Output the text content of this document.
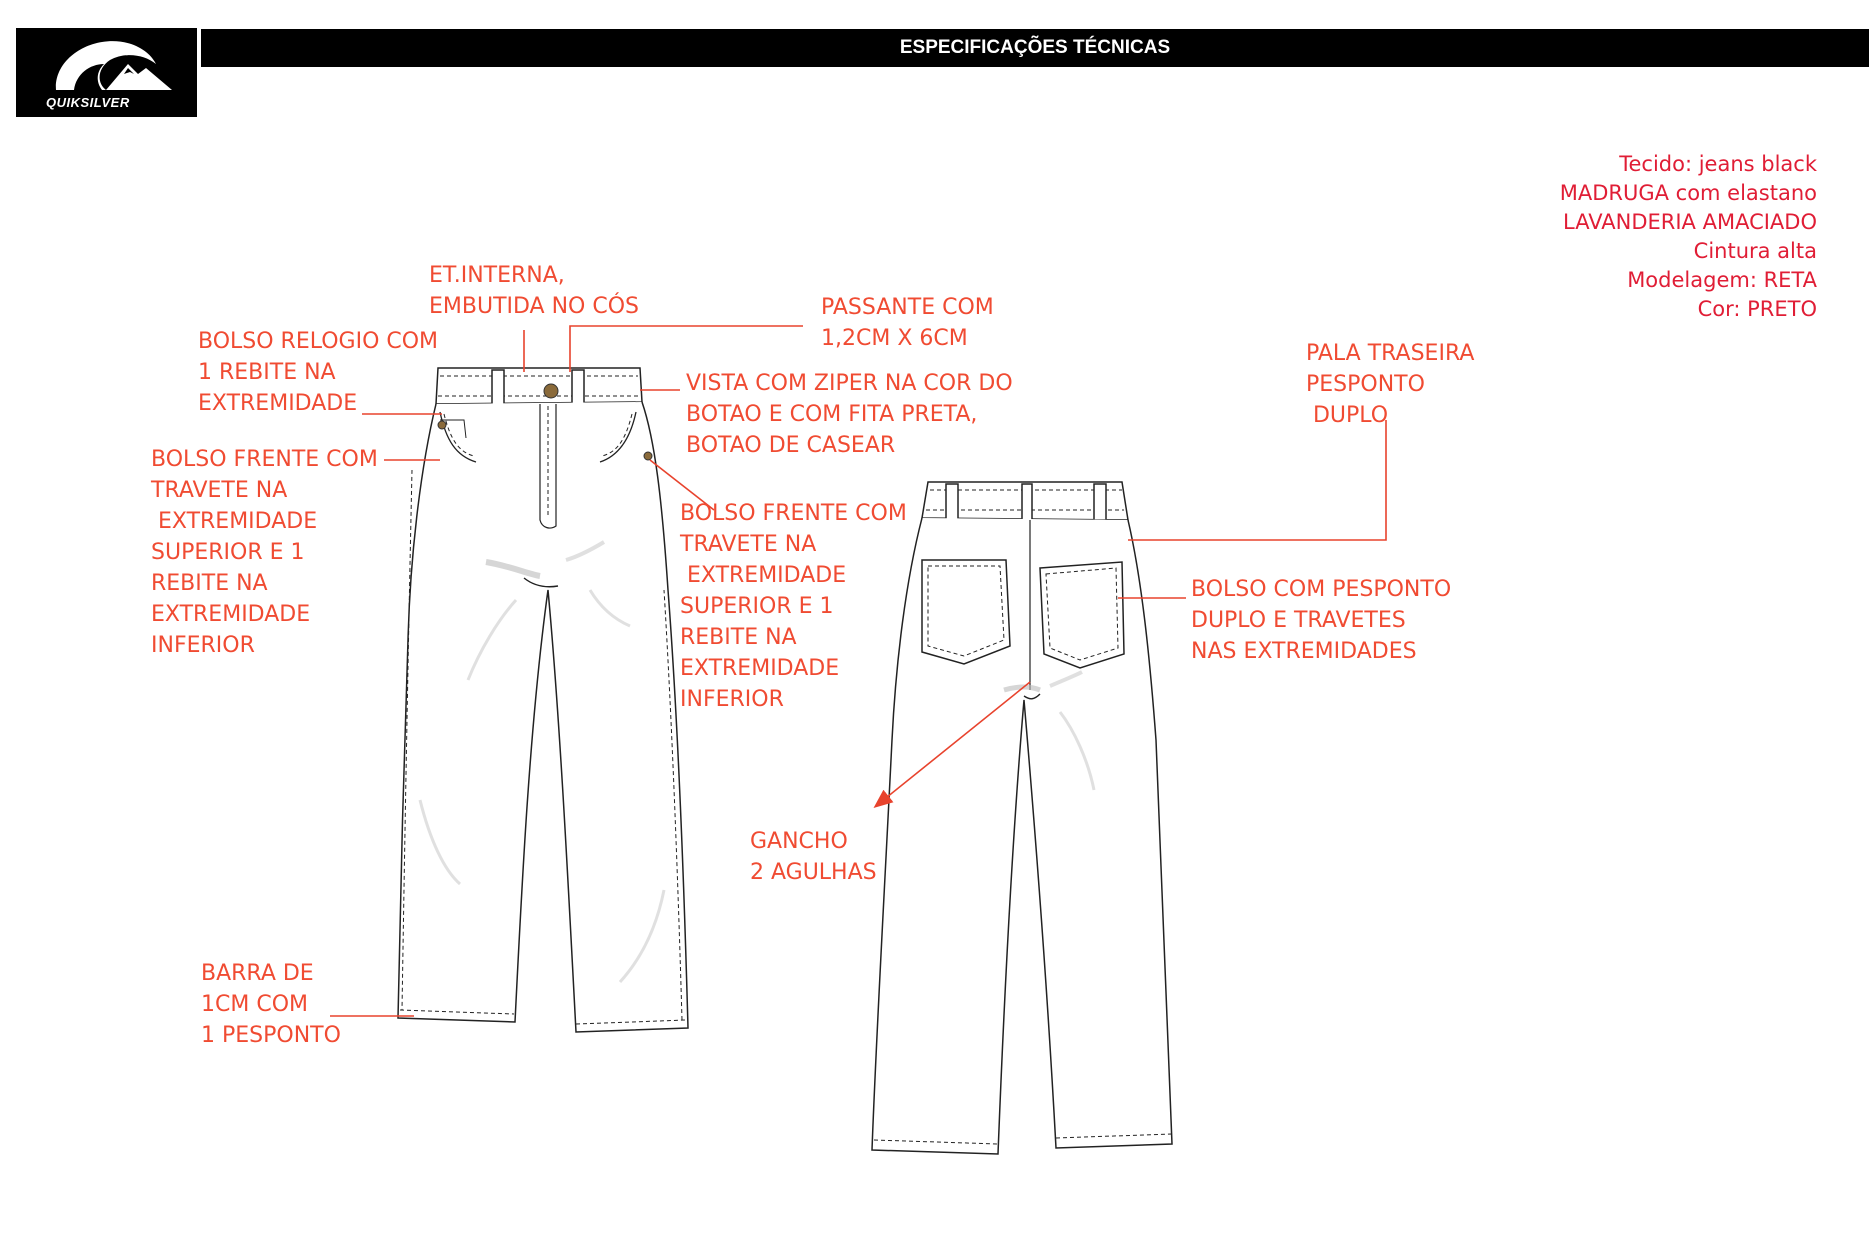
QUIKSILVER
ESPECIFICAÇÕES TÉCNICAS
Tecido: jeans black
MADRUGA com elastano
LAVANDERIA AMACIADO
Cintura alta
Modelagem: RETA
Cor: PRETO
ET.INTERNA,
EMBUTIDA NO CÓS	PASSANTE COM
1,2CM X 6CM
BOLSO RELOGIO COM
1 REBITE NA
EXTREMIDADE
VISTA COM ZIPER NA COR DO
BOTAO E COM FITA PRETA,
BOTAO DE CASEAR
BOLSO FRENTE COM
TRAVETE NA
EXTREMIDADE
SUPERIOR E 1
REBITE NA
EXTREMIDADE
INFERIOR
BOLSO FRENTE COM
TRAVETE NA
EXTREMIDADE
SUPERIOR E 1
REBITE NA
EXTREMIDADE
INFERIOR
PALA TRASEIRA
PESPONTO
DUPLO
BOLSO COM PESPONTO
DUPLO E TRAVETES
NAS EXTREMIDADES
GANCHO
2 AGULHAS
BARRA DE
1CM COM
1 PESPONTO
